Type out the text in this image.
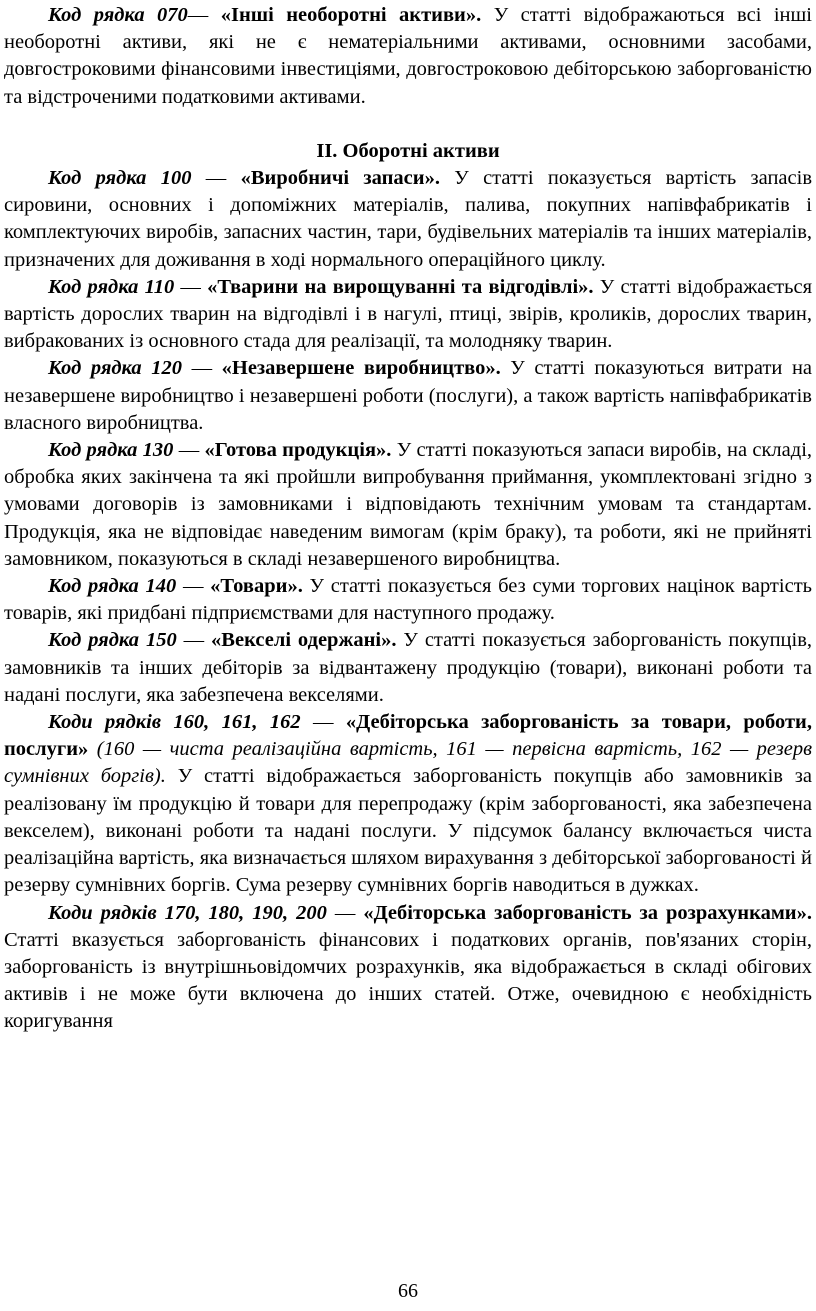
Код рядка 070— «Інші необоротні активи». У статті відображаються всі інші необоротні активи, які не є нематеріальними активами, основними засобами, довгостроковими фінансовими інвестиціями, довгостроковою дебіторською заборгованістю та відстроченими податковими активами.

II. Оборотні активи

Код рядка 100 — «Виробничі запаси». У статті показується вартість запасів сировини, основних і допоміжних матеріалів, палива, покупних напівфабрикатів і комплектуючих виробів, запасних частин, тари, будівельних матеріалів та інших матеріалів, призначених для доживання в ході нормального операційного циклу.

Код рядка 110 — «Тварини на вирощуванні та відгодівлі». У статті відображається вартість дорослих тварин на відгодівлі і в нагулі, птиці, звірів, кроликів, дорослих тварин, вибракованих із основного стада для реалізації, та молодняку тварин.

Код рядка 120 — «Незавершене виробництво». У статті показуються витрати на незавершене виробництво і незавершені роботи (послуги), а також вартість напівфабрикатів власного виробництва.

Код рядка 130 — «Готова продукція». У статті показуються запаси виробів, на складі, обробка яких закінчена та які пройшли випробування приймання, укомплектовані згідно з умовами договорів із замовниками і відповідають технічним умовам та стандартам. Продукція, яка не відповідає наведеним вимогам (крім браку), та роботи, які не прийняті замовником, показуються в складі незавершеного виробництва.

Код рядка 140 — «Товари». У статті показується без суми торгових націнок вартість товарів, які придбані підприємствами для наступного продажу.

Код рядка 150 — «Векселі одержані». У статті показується заборгованість покупців, замовників та інших дебіторів за відвантажену продукцію (товари), виконані роботи та надані послуги, яка забезпечена векселями.

Коди рядків 160, 161, 162 — «Дебіторська заборгованість за товари, роботи, послуги» (160 — чиста реалізаційна вартість, 161 — первісна вартість, 162 — резерв сумнівних боргів). У статті відображається заборгованість покупців або замовників за реалізовану їм продукцію й товари для перепродажу (крім заборгованості, яка забезпечена векселем), виконані роботи та надані послуги. У підсумок балансу включається чиста реалізаційна вартість, яка визначається шляхом вирахування з дебіторської заборгованості й резерву сумнівних боргів. Сума резерву сумнівних боргів наводиться в дужках.

Коди рядків 170, 180, 190, 200 — «Дебіторська заборгованість за розрахунками». Статті вказується заборгованість фінансових і податкових органів, пов'язаних сторін, заборгованість із внутрішньовідомчих розрахунків, яка відображається в складі обігових активів і не може бути включена до інших статей. Отже, очевидною є необхідність коригування

66
